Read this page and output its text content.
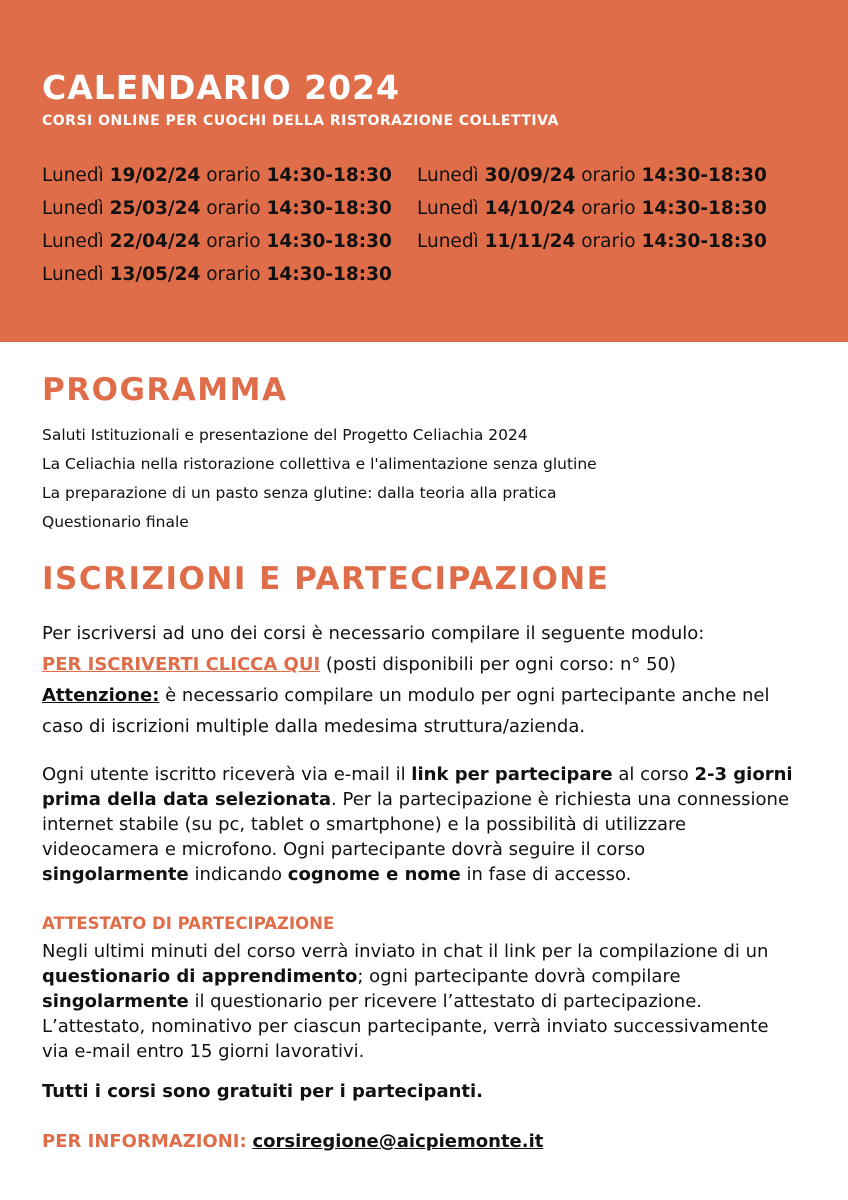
CALENDARIO 2024
CORSI ONLINE PER CUOCHI DELLA RISTORAZIONE COLLETTIVA
Lunedì 19/02/24 orario 14:30-18:30
Lunedì 25/03/24 orario 14:30-18:30
Lunedì 22/04/24 orario 14:30-18:30
Lunedì 13/05/24 orario 14:30-18:30
Lunedì 30/09/24 orario 14:30-18:30
Lunedì 14/10/24 orario 14:30-18:30
Lunedì 11/11/24 orario 14:30-18:30
PROGRAMMA
Saluti Istituzionali e presentazione del Progetto Celiachia 2024
La Celiachia nella ristorazione collettiva e l'alimentazione senza glutine
La preparazione di un pasto senza glutine: dalla teoria alla pratica
Questionario finale
ISCRIZIONI E PARTECIPAZIONE
Per iscriversi ad uno dei corsi è necessario compilare il seguente modulo:
PER ISCRIVERTI CLICCA QUI (posti disponibili per ogni corso: n° 50)
Attenzione: è necessario compilare un modulo per ogni partecipante anche nel
caso di iscrizioni multiple dalla medesima struttura/azienda.
Ogni utente iscritto riceverà via e-mail il link per partecipare al corso 2-3 giorni
prima della data selezionata. Per la partecipazione è richiesta una connessione
internet stabile (su pc, tablet o smartphone) e la possibilità di utilizzare
videocamera e microfono. Ogni partecipante dovrà seguire il corso
singolarmente indicando cognome e nome in fase di accesso.
ATTESTATO DI PARTECIPAZIONE
Negli ultimi minuti del corso verrà inviato in chat il link per la compilazione di un
questionario di apprendimento; ogni partecipante dovrà compilare
singolarmente il questionario per ricevere l’attestato di partecipazione.
L’attestato, nominativo per ciascun partecipante, verrà inviato successivamente
via e-mail entro 15 giorni lavorativi.
Tutti i corsi sono gratuiti per i partecipanti.
PER INFORMAZIONI: corsiregione@aicpiemonte.it
